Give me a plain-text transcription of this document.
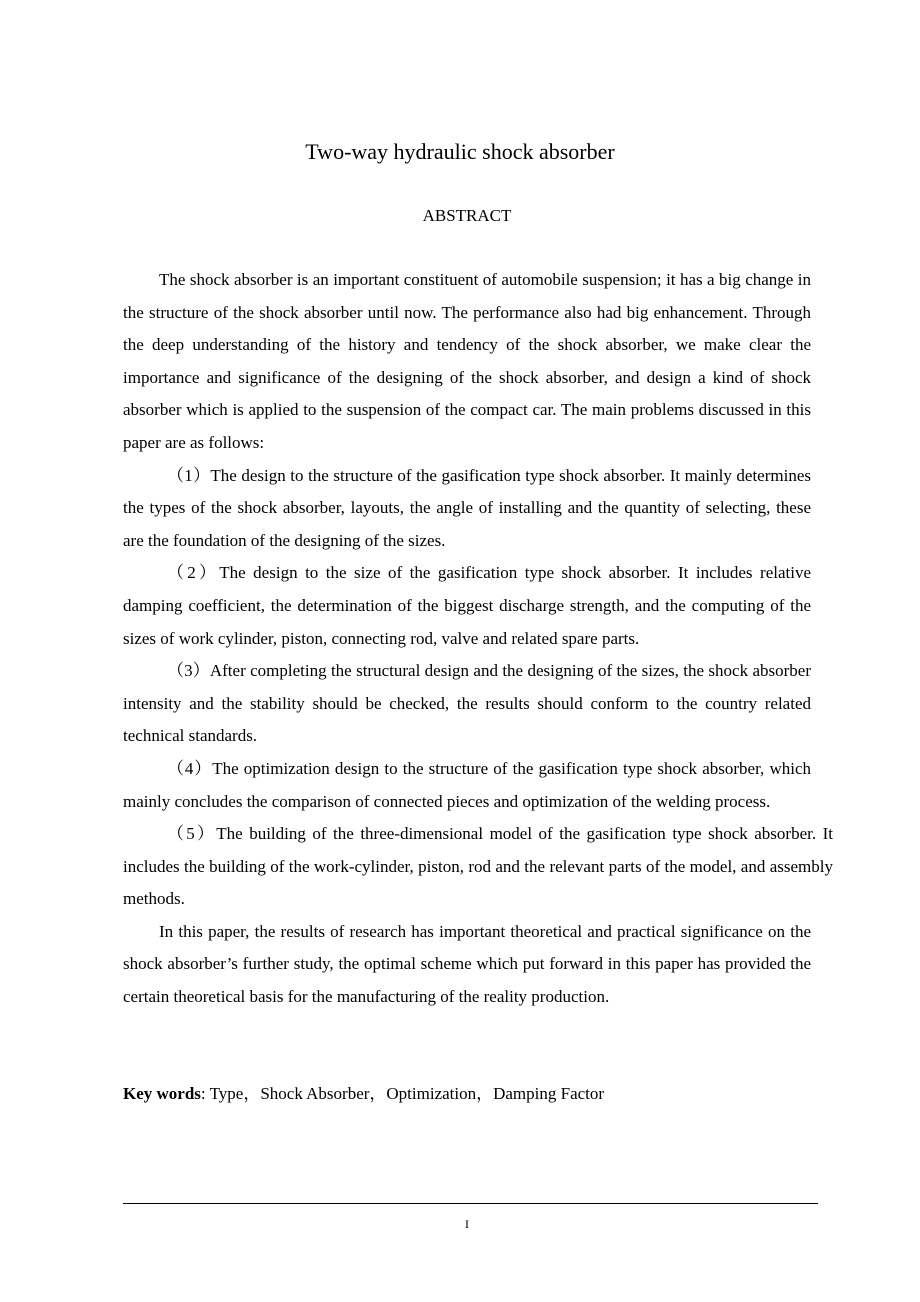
Two-way hydraulic shock absorber
ABSTRACT

The shock absorber is an important constituent of automobile suspension; it has a big change in the structure of the shock absorber until now. The performance also had big enhancement. Through the deep understanding of the history and tendency of the shock absorber, we make clear the importance and significance of the designing of the shock absorber, and design a kind of shock absorber which is applied to the suspension of the compact car. The main problems discussed in this paper are as follows:

（1）The design to the structure of the gasification type shock absorber. It mainly determines the types of the shock absorber, layouts, the angle of installing and the quantity of selecting, these are the foundation of the designing of the sizes.

（2）The design to the size of the gasification type shock absorber. It includes relative damping coefficient, the determination of the biggest discharge strength, and the computing of the sizes of work cylinder, piston, connecting rod, valve and related spare parts.

（3）After completing the structural design and the designing of the sizes, the shock absorber intensity and the stability should be checked, the results should conform to the country related technical standards.

（4）The optimization design to the structure of the gasification type shock absorber, which mainly concludes the comparison of connected pieces and optimization of the welding process.

（5）The building of the three-dimensional model of the gasification type shock absorber. It includes the building of the work-cylinder, piston, rod and the relevant parts of the model, and assembly methods.

In this paper, the results of research has important theoretical and practical significance on the shock absorber’s further study, the optimal scheme which put forward in this paper has provided the certain theoretical basis for the manufacturing of the reality production.

Key words: Type，Shock Absorber，Optimization，Damping Factor

I
